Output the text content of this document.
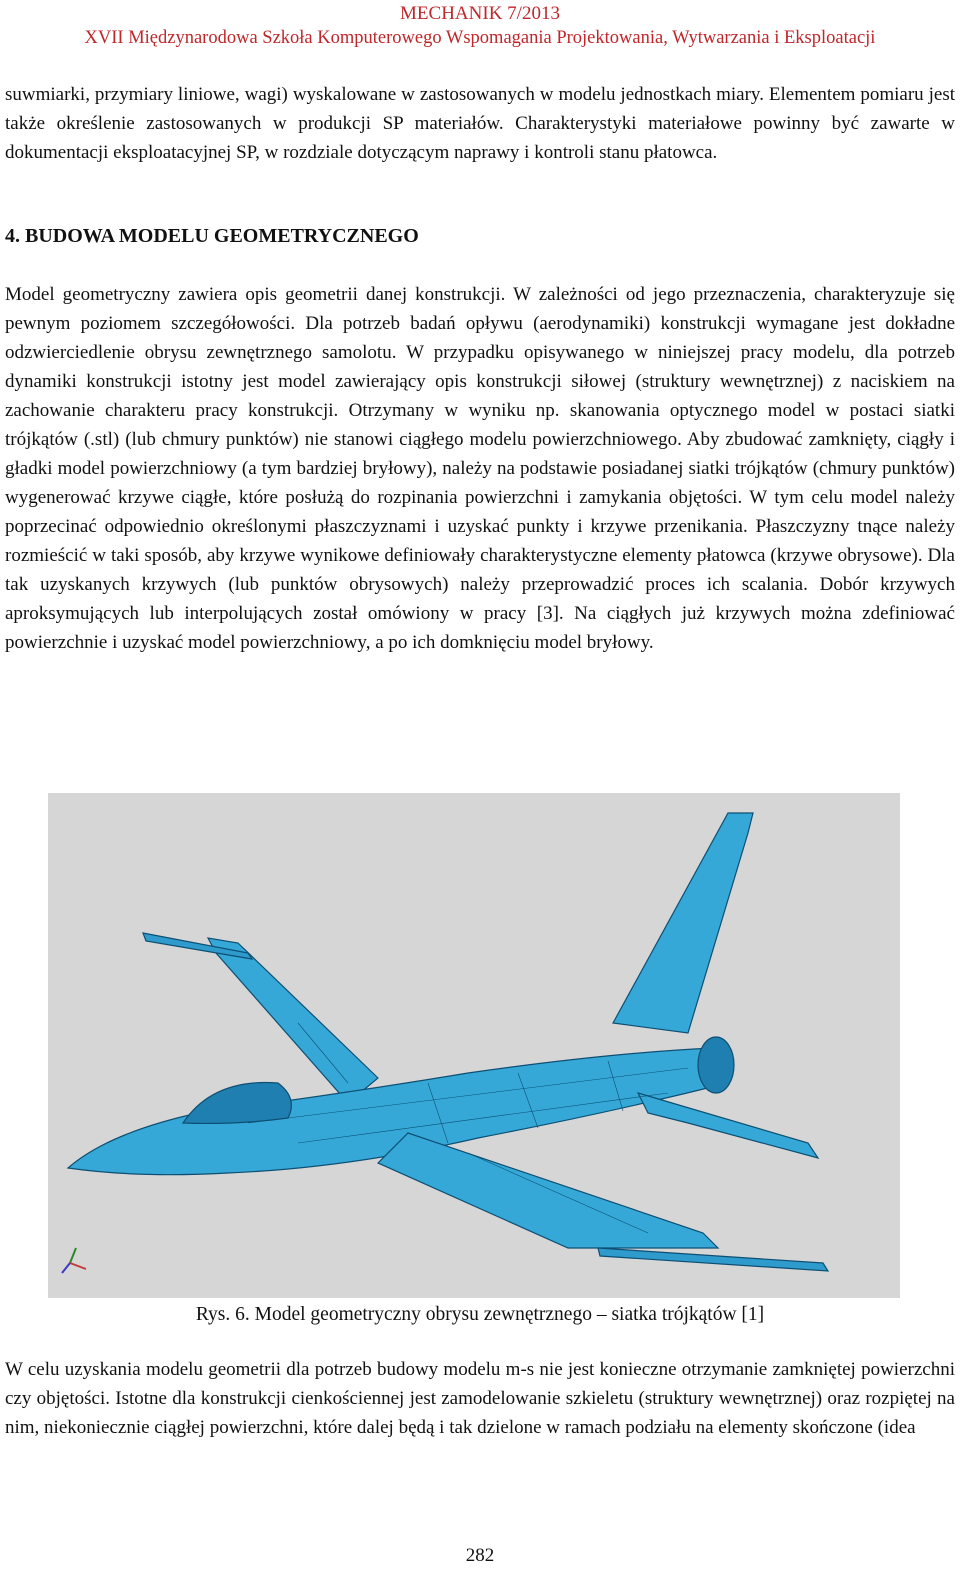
MECHANIK 7/2013
XVII Międzynarodowa Szkoła Komputerowego Wspomagania Projektowania, Wytwarzania i Eksploatacji

suwmiarki, przymiary liniowe, wagi) wyskalowane w zastosowanych w modelu jednostkach miary. Elementem pomiaru jest także określenie zastosowanych w produkcji SP materiałów. Charakterystyki materiałowe powinny być zawarte w dokumentacji eksploatacyjnej SP, w rozdziale dotyczącym naprawy i kontroli stanu płatowca.

4. BUDOWA MODELU GEOMETRYCZNEGO

Model geometryczny zawiera opis geometrii danej konstrukcji. W zależności od jego przeznaczenia, charakteryzuje się pewnym poziomem szczegółowości. Dla potrzeb badań opływu (aerodynamiki) konstrukcji wymagane jest dokładne odzwierciedlenie obrysu zewnętrznego samolotu. W przypadku opisywanego w niniejszej pracy modelu, dla potrzeb dynamiki konstrukcji istotny jest model zawierający opis konstrukcji siłowej (struktury wewnętrznej) z naciskiem na zachowanie charakteru pracy konstrukcji. Otrzymany w wyniku np. skanowania optycznego model w postaci siatki trójkątów (.stl) (lub chmury punktów) nie stanowi ciągłego modelu powierzchniowego. Aby zbudować zamknięty, ciągły i gładki model powierzchniowy (a tym bardziej bryłowy), należy na podstawie posiadanej siatki trójkątów (chmury punktów) wygenerować krzywe ciągłe, które posłużą do rozpinania powierzchni i zamykania objętości. W tym celu model należy poprzecinać odpowiednio określonymi płaszczyznami i uzyskać punkty i krzywe przenikania. Płaszczyzny tnące należy rozmieścić w taki sposób, aby krzywe wynikowe definiowały charakterystyczne elementy płatowca (krzywe obrysowe). Dla tak uzyskanych krzywych (lub punktów obrysowych) należy przeprowadzić proces ich scalania. Dobór krzywych aproksymujących lub interpolujących został omówiony w pracy [3]. Na ciągłych już krzywych można zdefiniować powierzchnie i uzyskać model powierzchniowy, a po ich domknięciu model bryłowy.

Rys. 6. Model geometryczny obrysu zewnętrznego – siatka trójkątów [1]

W celu uzyskania modelu geometrii dla potrzeb budowy modelu m-s nie jest konieczne otrzymanie zamkniętej powierzchni czy objętości. Istotne dla konstrukcji cienkościennej jest zamodelowanie szkieletu (struktury wewnętrznej) oraz rozpiętej na nim, niekoniecznie ciągłej powierzchni, które dalej będą i tak dzielone w ramach podziału na elementy skończone (idea

282
